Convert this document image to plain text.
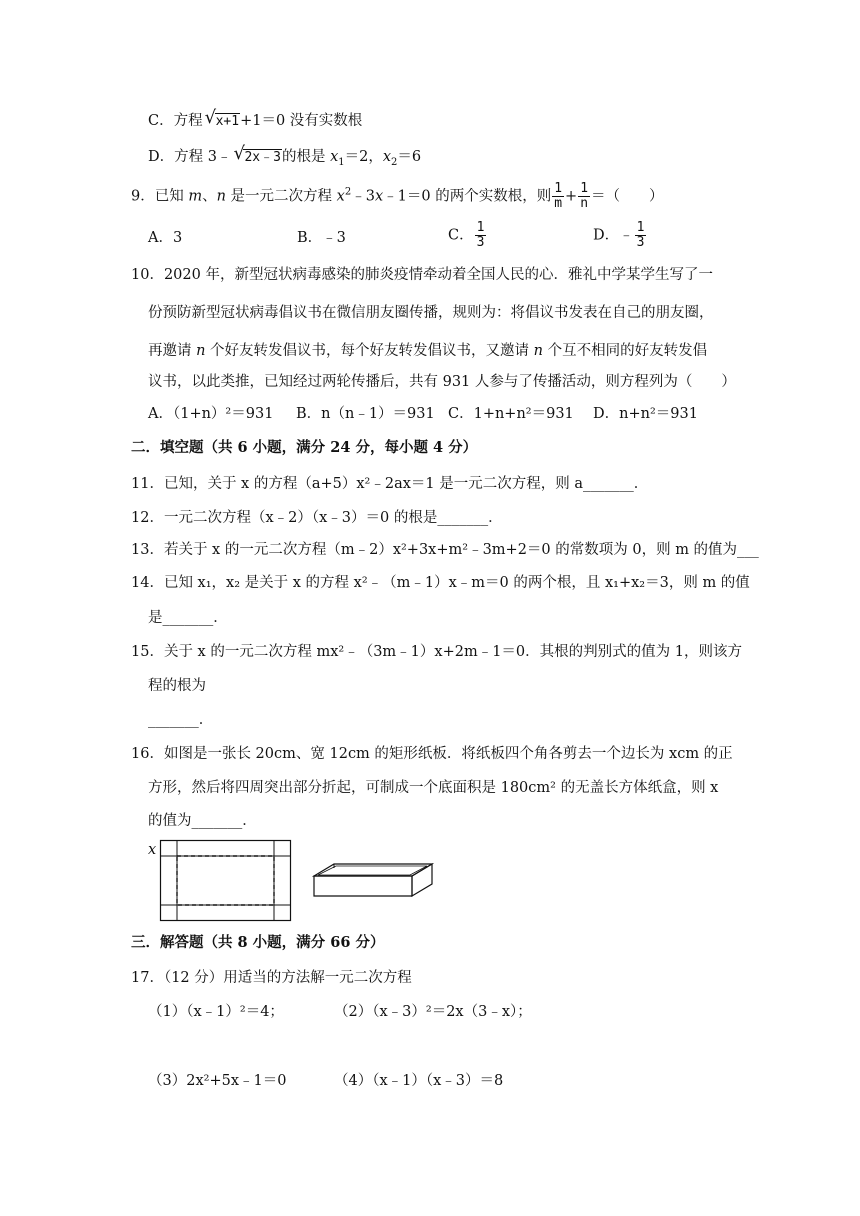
C．方程 √ x+1+1＝0 没有实数根
D．方程 3﹣ √ 2x﹣3的根是 $x_1=2$，$x_2=6$
9．已知 m、n 是一元二次方程 $x^2﹣3x﹣1=0$ 的两个实数根，则 $\frac{1}{m} + \frac{1}{n}$ ＝（　　）
A．3	B．﹣3	C． $\frac{1}{3}$	D．﹣ $\frac{1}{3}$
10．2020 年，新型冠状病毒感染的肺炎疫情牵动着全国人民的心．雅礼中学某学生写了一
份预防新型冠状病毒倡议书在微信朋友圈传播，规则为：将倡议书发表在自己的朋友圈，
再邀请 n 个好友转发倡议书，每个好友转发倡议书，又邀请 n 个互不相同的好友转发倡
议书，以此类推，已知经过两轮传播后，共有 931 人参与了传播活动，则方程列为（　　）
A．（1+n）²＝931 B．n（n﹣1）＝931 C．1+n+n²＝931 D．n+n²＝931
二．填空题（共 6 小题，满分 24 分，每小题 4 分）
11．已知，关于 x 的方程（a+5）x²﹣2ax＝1 是一元二次方程，则 a_______．
12．一元二次方程（x﹣2）（x﹣3）＝0 的根是_______．
13．若关于 x 的一元二次方程（m﹣2）x²+3x+m²﹣3m+2＝0 的常数项为 0，则 m 的值为___
14．已知 x₁，x₂ 是关于 x 的方程 x²﹣（m﹣1）x﹣m＝0 的两个根，且 x₁+x₂＝3，则 m 的值
是_______．
15．关于 x 的一元二次方程 mx²﹣（3m﹣1）x+2m﹣1＝0．其根的判别式的值为 1，则该方
程的根为
_______．
16．如图是一张长 20cm、宽 12cm 的矩形纸板．将纸板四个角各剪去一个边长为 xcm 的正
方形，然后将四周突出部分折起，可制成一个底面积是 180cm² 的无盖长方体纸盒，则 x
的值为_______．
x
三．解答题（共 8 小题，满分 66 分）
17．（12 分）用适当的方法解一元二次方程
（1）（x﹣1）²＝4；	（2）（x﹣3）²＝2x（3﹣x）；
（3）2x²+5x﹣1＝0	（4）（x﹣1）（x﹣3）＝8
